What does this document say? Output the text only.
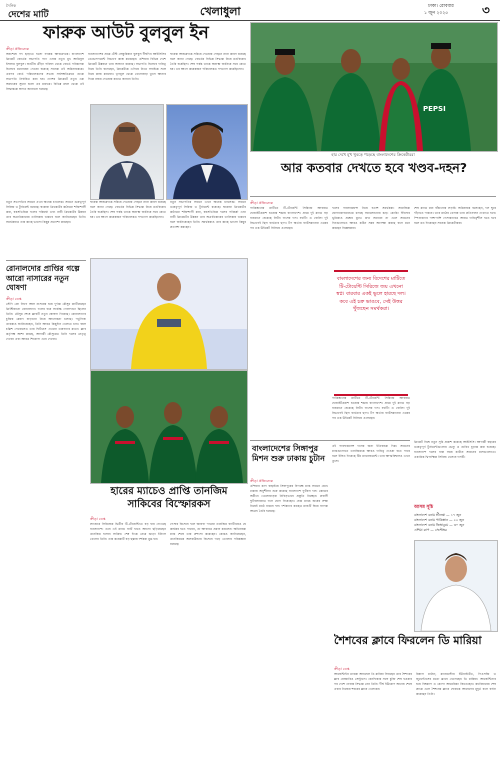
দৈনিক
দেশের মাটি	খেলাধুলা	ঢাকা। রোববার
১ জুন ২০২৫	৩
ফারুক আউট বুলবুল ইন
ক্রীড়া প্রতিবেদক
অবশেষে পদ ছাড়তে হলো ফারুক আহমেদকে। বাংলাদেশ ক্রিকেট বোর্ডের সভাপতি পদে এবার নতুন মুখ আমিনুল ইসলাম বুলবুল। জাতীয় ক্রীড়া পরিষদ থেকে বোর্ডে পরিচালক হিসেবে মনোনয়ন দেওয়া হয়েছে সাবেক এই অধিনায়ককে। এরপর বোর্ড পরিচালকদের সভায় সর্বসম্মতিক্রমে তাকে সভাপতি নির্বাচিত করা হয়। দেশের ক্রিকেটে নতুন এক অধ্যায়ের সূচনা হলো এর মাধ্যমে। বিভিন্ন মহল থেকে এই সিদ্ধান্তকে স্বাগত জানানো হয়েছে।
বাংলাদেশের প্রথম টেস্ট সেঞ্চুরিয়ান বুলবুল দীর্ঘদিন আইসিসির ডেভেলপমেন্ট বিভাগে কাজ করেছেন। এশিয়ার বিভিন্ন দেশে ক্রিকেট উন্নয়নে তার অবদান রয়েছে। সভাপতি হিসেবে দায়িত্ব নিয়ে তিনি বলেছেন, ক্রিকেটকে এগিয়ে নিতে সবাইকে সঙ্গে নিয়ে কাজ করবেন। তৃণমূল থেকে খেলোয়াড় তুলে আনার দিকে নজর দেওয়ার কথাও জানান তিনি।
ফারুক আহমেদকে সরিয়ে দেওয়ার পেছনে নানা কারণ রয়েছে বলে জানা গেছে। বোর্ডের বিভিন্ন সিদ্ধান্ত নিয়ে মতবিরোধ তৈরি হয়েছিল। শেষ পর্যন্ত তাকে অনাস্থা জানিয়ে সরে যেতে হয়। এর আগে কয়েকজন পরিচালকও পদত্যাগ করেছিলেন।
নতুন সভাপতির সামনে এখন অনেক চ্যালেঞ্জ। সামনে গুরুত্বপূর্ণ সিরিজ ও টুর্নামেন্ট রয়েছে। ঘরোয়া ক্রিকেটের কাঠামো শক্তিশালী করা, বয়সভিত্তিক দলের পরিচর্যা এবং নারী ক্রিকেটের উন্নয়ন তার অগ্রাধিকারের তালিকায় থাকবে বলে জানিয়েছেন তিনি। সমর্থকরাও তার কাছে ভালো কিছুর প্রত্যাশা করছেন।
ফারুক আহমেদকে সরিয়ে দেওয়ার পেছনে নানা কারণ রয়েছে বলে জানা গেছে। বোর্ডের বিভিন্ন সিদ্ধান্ত নিয়ে মতবিরোধ তৈরি হয়েছিল। শেষ পর্যন্ত তাকে অনাস্থা জানিয়ে সরে যেতে হয়। এর আগে কয়েকজন পরিচালকও পদত্যাগ করেছিলেন।
নতুন সভাপতির সামনে এখন অনেক চ্যালেঞ্জ। সামনে গুরুত্বপূর্ণ সিরিজ ও টুর্নামেন্ট রয়েছে। ঘরোয়া ক্রিকেটের কাঠামো শক্তিশালী করা, বয়সভিত্তিক দলের পরিচর্যা এবং নারী ক্রিকেটের উন্নয়ন তার অগ্রাধিকারের তালিকায় থাকবে বলে জানিয়েছেন তিনি। সমর্থকরাও তার কাছে ভালো কিছুর প্রত্যাশা করছেন।
রোনালদোর প্রাপ্তির গল্পে আরো নাসারের নতুন ঘোষণা
ক্রীড়া ডেস্ক
সৌদি প্রো লিগে আল নাসরের হয়ে দুর্দান্ত মৌসুম কাটিয়েছেন ক্রিস্টিয়ানো রোনালদো। দলের হয়ে সর্বোচ্চ গোলদাতা ছিলেন তিনি। মৌসুম শেষে ক্লাবটি নতুন ঘোষণা দিয়েছে। রোনালদোর চুক্তির মেয়াদ বাড়ানো নিয়ে আলোচনা চলছে। পর্তুগিজ তারকাও জানিয়েছেন, তিনি আরও কিছুদিন খেলতে চান। বয়স চল্লিশ পেরোলেও তার ফিটনেস এখনো তরুণদের মতো। ক্লাব কর্তৃপক্ষ আশা করছে, আগামী মৌসুমেও তিনি দলের নেতৃত্ব দেবেন এবং আরও শিরোপা এনে দেবেন।
হারের ম্যাচেও প্রাপ্তি তানজিম সাকিবের বিস্ফোরকস
ক্রীড়া ডেস্ক
লাহোরে সিরিজের দ্বিতীয় টি-টোয়েন্টিতে বড় হার দেখেছে বাংলাদেশ। তবে এই ম্যাচে ব্যাট হাতে আলো ছড়িয়েছেন তানজিম হাসান সাকিব। শেষ দিকে নেমে ঝড়ো ইনিংস খেলেন তিনি। তার কয়েকটি বড় ছক্কায় দর্শকরা মুগ্ধ হন।
পেসার হিসেবে দলে জায়গা পাওয়া তানজিম ব্যাটিংয়েও যে কার্যকর হতে পারেন, তা আবারও প্রমাণ করলেন। অধিনায়ক ম্যাচ শেষে তার প্রশংসা করেছেন। কোচও জানিয়েছেন, তানজিমকে অলরাউন্ডার হিসেবে গড়ে তোলার পরিকল্পনা রয়েছে।
PEPSI
হার দেখে মুখ থুবড়ে পড়েছে বাংলাদেশের ক্রিকেটাররা
আর কতবার দেখতে হবে খণ্ডব-দহন?
ক্রীড়া প্রতিবেদক
পাকিস্তানের মাটিতে টি-টোয়েন্টি সিরিজে আবারও হোয়াইটওয়াশ হওয়ার শঙ্কায় বাংলাদেশ। প্রথম দুই ম্যাচে বড় ব্যবধানে হেরেছে লিটন দাসের দল। ব্যাটিং ও বোলিং দুই বিভাগেই ছিল ব্যর্থতার ছাপ। টপ অর্ডার ব্যাটসম্যানরা একের পর এক উইকেট বিলিয়ে এসেছেন।
দলের পারফরম্যান্স নিয়ে হতাশ সমর্থকরা। সামাজিক যোগাযোগমাধ্যমে চলছে সমালোচনার ঝড়। কোচিং স্টাফের ভূমিকাও প্রশ্নের মুখে। দ্রুত সমাধান না এলে সামনের দিনগুলোতে আরও কঠিন সময় অপেক্ষা করছে বলে মনে করছেন বিশ্লেষকরা।
শেষ ম্যাচে মান বাঁচানোর লড়াই। অধিনায়ক বলেছেন, দল ঘুরে দাঁড়াতে পারবে। তবে মাঠের খেলায় তার প্রতিফলন দেখাতে হবে। স্পিনারদের পাশাপাশি পেসারদেরও আরও দায়িত্বশীল হতে হবে বলে মত দিয়েছেন সাবেক ক্রিকেটাররা।
বাংলাদেশের জন্য বিদেশের মাটিতে টি-টোয়েন্টি সিরিজে জয় এখনো স্বপ্ন। বারবার একই ভুলে হারছে দল। কবে এই চক্র ভাঙবে, সেই উত্তর খুঁজছেন সমর্থকরা।
পাকিস্তানের মাটিতে টি-টোয়েন্টি সিরিজে আবারও হোয়াইটওয়াশ হওয়ার শঙ্কায় বাংলাদেশ। প্রথম দুই ম্যাচে বড় ব্যবধানে হেরেছে লিটন দাসের দল। ব্যাটিং ও বোলিং দুই বিভাগেই ছিল ব্যর্থতার ছাপ। টপ অর্ডার ব্যাটসম্যানরা একের পর এক উইকেট বিলিয়ে এসেছেন।
বাংলাদেশের সিঙ্গাপুর মিশন শুরু ঢাকায় চুটান
ক্রীড়া প্রতিবেদক
এশিয়ান কাপ বাছাইয়ে সিঙ্গাপুরের বিপক্ষে ম্যাচ সামনে রেখে ঢাকায় অনুশীলন শুরু করেছে বাংলাদেশ ফুটবল দল। কোচের অধীনে খেলোয়াড়রা নিবিড়ভাবে প্রস্তুতি নিচ্ছেন। প্রবাসী ফুটবলাররাও দলে যোগ দিয়েছেন। হোম ম্যাচে জয়ের লক্ষ্য নিয়েই মাঠে নামবে দল। দর্শকদের কাছেও ম্যাচটি ঘিরে ব্যাপক আগ্রহ তৈরি হয়েছে।
এই পারফরম্যান্স দলের জন্য ইতিবাচক দিক। সামনের ম্যাচগুলোতে তানজিমকে আরও দায়িত্ব দেওয়া হতে পারে বলে ইঙ্গিত দিয়েছে টিম ম্যানেজমেন্ট। তার আত্মবিশ্বাসও এখন তুঙ্গে।
ক্রিকেট বিশ্বে নতুন সূচি প্রকাশ করেছে আইসিসি। আগামী বছরের গুরুত্বপূর্ণ টুর্নামেন্টগুলোর ভেন্যু ও তারিখ চূড়ান্ত করা হয়েছে। বাংলাদেশ দলের ব্যস্ত সময় কাটবে সামনের মাসগুলোতে। একাধিক দ্বিপাক্ষিক সিরিজ খেলবে দলটি।
আসন্ন সূচি
বাংলাদেশ বনাম শ্রীলঙ্কা — ১৭ জুন
বাংলাদেশ বনাম পাকিস্তান — ২২ জুন
বাংলাদেশ বনাম জিম্বাবুয়ে — ৩০ জুন
এশিয়া কাপ — সেপ্টেম্বর
শৈশবের ক্লাবে ফিরলেন ডি মারিয়া
ক্রীড়া ডেস্ক
আর্জেন্টাইন তারকা আনহেল ডি মারিয়া ফিরছেন তার শৈশবের ক্লাব রোজারিও সেন্ট্রালে। বেনফিকার সঙ্গে চুক্তি শেষ হওয়ার পর দেশে ফেরার সিদ্ধান্ত নেন তিনি। দীর্ঘ ইউরোপ অধ্যায় শেষে এবার নিজের শহরের ক্লাবে খেলবেন।
রিয়াল মাদ্রিদ, ম্যানচেস্টার ইউনাইটেড, পিএসজি ও জুভেন্টাসের মতো ক্লাবে খেলেছেন ডি মারিয়া। আর্জেন্টিনার হয়ে বিশ্বকাপ ও কোপা আমেরিকা জিতেছেন। ক্যারিয়ারের শেষ প্রান্তে এসে শৈশবের ক্লাবে ফেরাকে আবেগের মুহূর্ত বলে বর্ণনা করেছেন তিনি।
